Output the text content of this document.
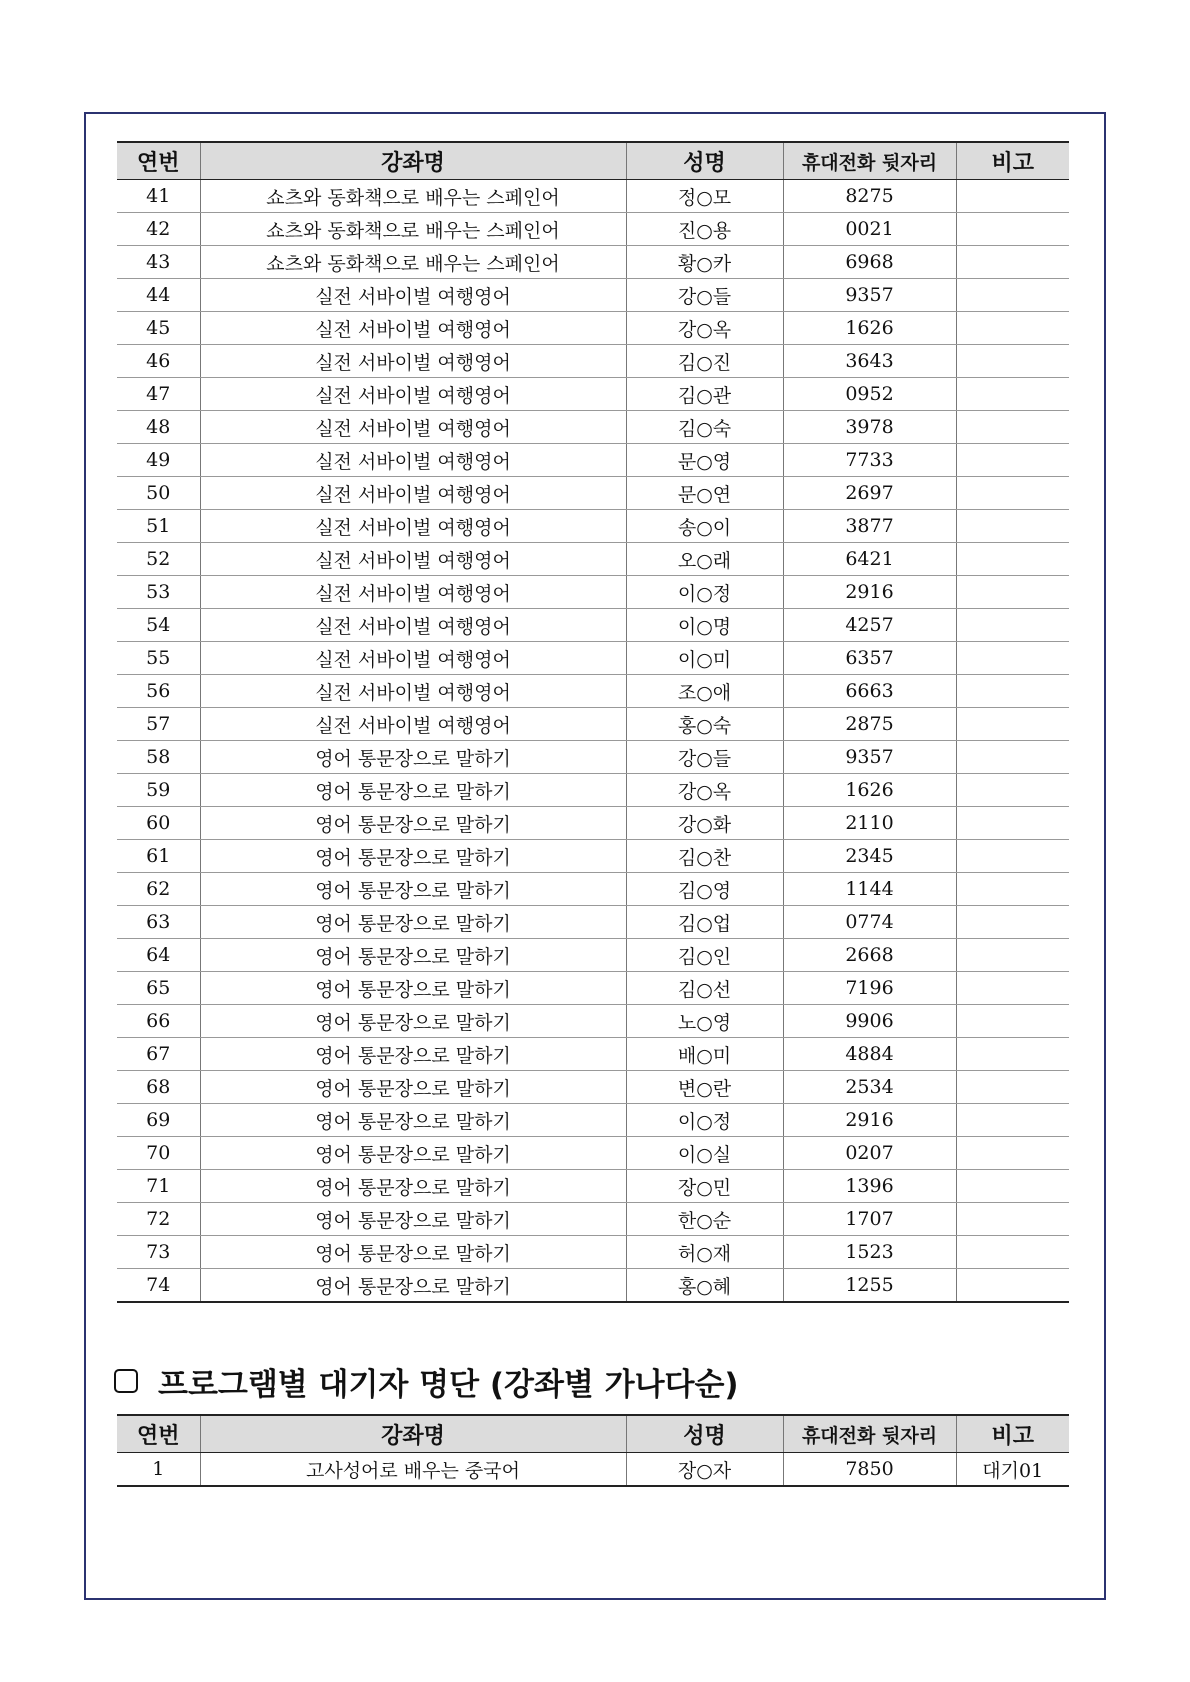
연번	강좌명	성명	휴대전화 뒷자리	비고
41	쇼츠와 동화책으로 배우는 스페인어	정○모	8275	
42	쇼츠와 동화책으로 배우는 스페인어	진○용	0021	
43	쇼츠와 동화책으로 배우는 스페인어	황○카	6968	
44	실전 서바이벌 여행영어	강○들	9357	
45	실전 서바이벌 여행영어	강○옥	1626	
46	실전 서바이벌 여행영어	김○진	3643	
47	실전 서바이벌 여행영어	김○관	0952	
48	실전 서바이벌 여행영어	김○숙	3978	
49	실전 서바이벌 여행영어	문○영	7733	
50	실전 서바이벌 여행영어	문○연	2697	
51	실전 서바이벌 여행영어	송○이	3877	
52	실전 서바이벌 여행영어	오○래	6421	
53	실전 서바이벌 여행영어	이○정	2916	
54	실전 서바이벌 여행영어	이○명	4257	
55	실전 서바이벌 여행영어	이○미	6357	
56	실전 서바이벌 여행영어	조○애	6663	
57	실전 서바이벌 여행영어	홍○숙	2875	
58	영어 통문장으로 말하기	강○들	9357	
59	영어 통문장으로 말하기	강○옥	1626	
60	영어 통문장으로 말하기	강○화	2110	
61	영어 통문장으로 말하기	김○찬	2345	
62	영어 통문장으로 말하기	김○영	1144	
63	영어 통문장으로 말하기	김○업	0774	
64	영어 통문장으로 말하기	김○인	2668	
65	영어 통문장으로 말하기	김○선	7196	
66	영어 통문장으로 말하기	노○영	9906	
67	영어 통문장으로 말하기	배○미	4884	
68	영어 통문장으로 말하기	변○란	2534	
69	영어 통문장으로 말하기	이○정	2916	
70	영어 통문장으로 말하기	이○실	0207	
71	영어 통문장으로 말하기	장○민	1396	
72	영어 통문장으로 말하기	한○순	1707	
73	영어 통문장으로 말하기	허○재	1523	
74	영어 통문장으로 말하기	홍○혜	1255	
프로그램별 대기자 명단 (강좌별 가나다순)
연번	강좌명	성명	휴대전화 뒷자리	비고
1	고사성어로 배우는 중국어	장○자	7850	대기01
